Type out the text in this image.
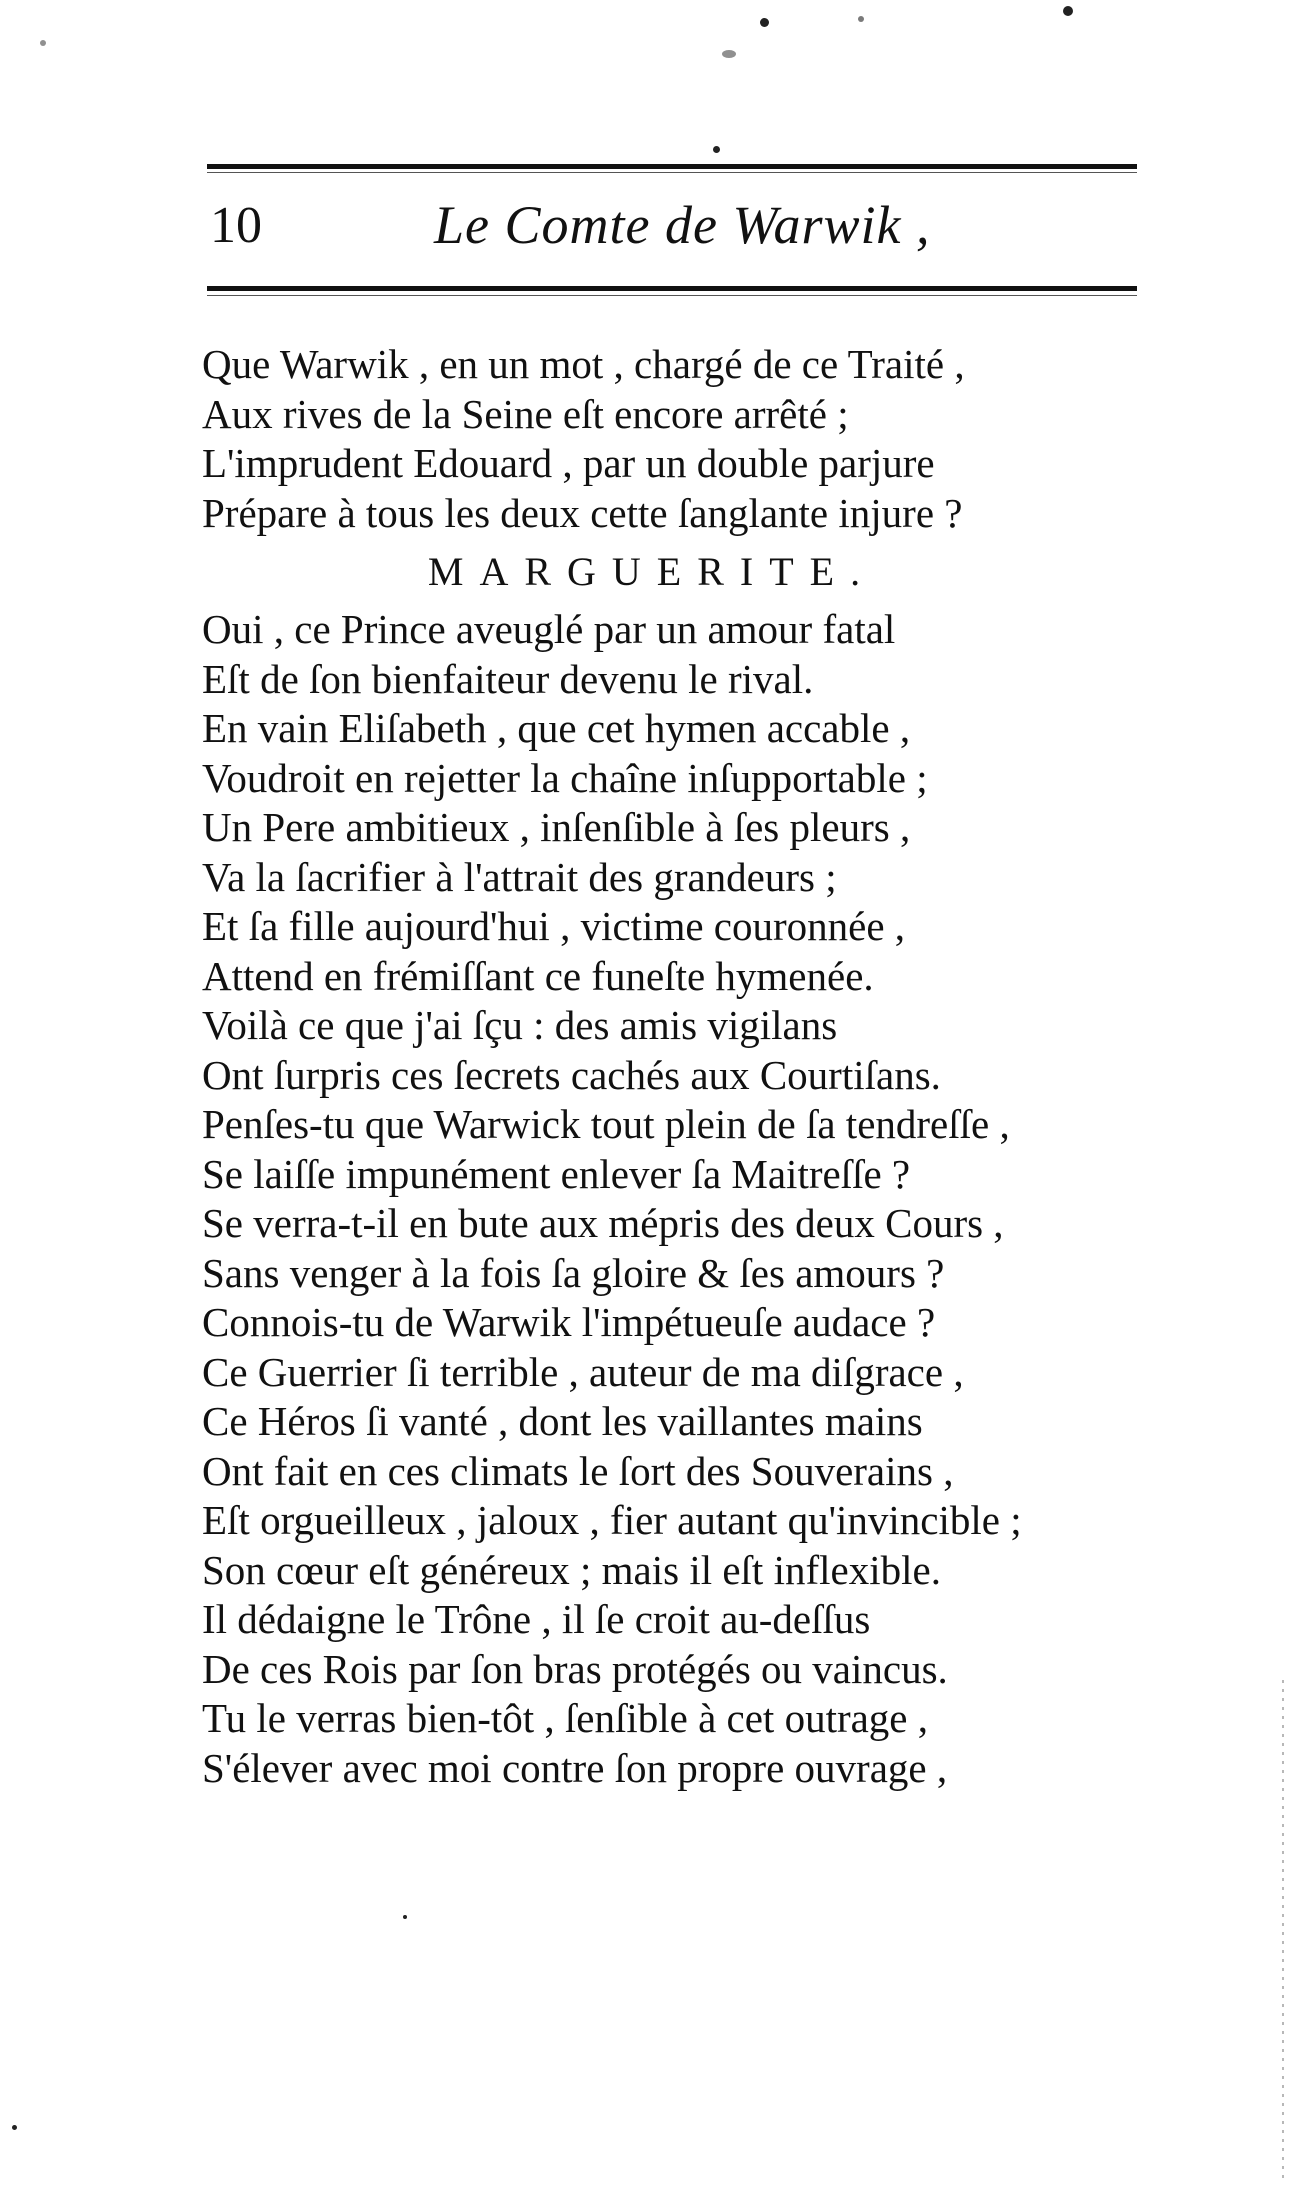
10	Le Comte de Warwik ,
Que Warwik , en un mot , chargé de ce Traité ,
Aux rives de la Seine eſt encore arrêté ;
L'imprudent Edouard , par un double parjure
Prépare à tous les deux cette ſanglante injure ?
MARGUERITE.
Oui , ce Prince aveuglé par un amour fatal
Eſt de ſon bienfaiteur devenu le rival.
En vain Eliſabeth , que cet hymen accable ,
Voudroit en rejetter la chaîne inſupportable ;
Un Pere ambitieux , inſenſible à ſes pleurs ,
Va la ſacrifier à l'attrait des grandeurs ;
Et ſa fille aujourd'hui , victime couronnée ,
Attend en frémiſſant ce funeſte hymenée.
Voilà ce que j'ai ſçu : des amis vigilans
Ont ſurpris ces ſecrets cachés aux Courtiſans.
Penſes-tu que Warwick tout plein de ſa tendreſſe ,
Se laiſſe impunément enlever ſa Maitreſſe ?
Se verra-t-il en bute aux mépris des deux Cours ,
Sans venger à la fois ſa gloire & ſes amours ?
Connois-tu de Warwik l'impétueuſe audace ?
Ce Guerrier ſi terrible , auteur de ma diſgrace ,
Ce Héros ſi vanté , dont les vaillantes mains
Ont fait en ces climats le ſort des Souverains ,
Eſt orgueilleux , jaloux , fier autant qu'invincible ;
Son cœur eſt généreux ; mais il eſt inflexible.
Il dédaigne le Trône , il ſe croit au-deſſus
De ces Rois par ſon bras protégés ou vaincus.
Tu le verras bien-tôt , ſenſible à cet outrage ,
S'élever avec moi contre ſon propre ouvrage ,
